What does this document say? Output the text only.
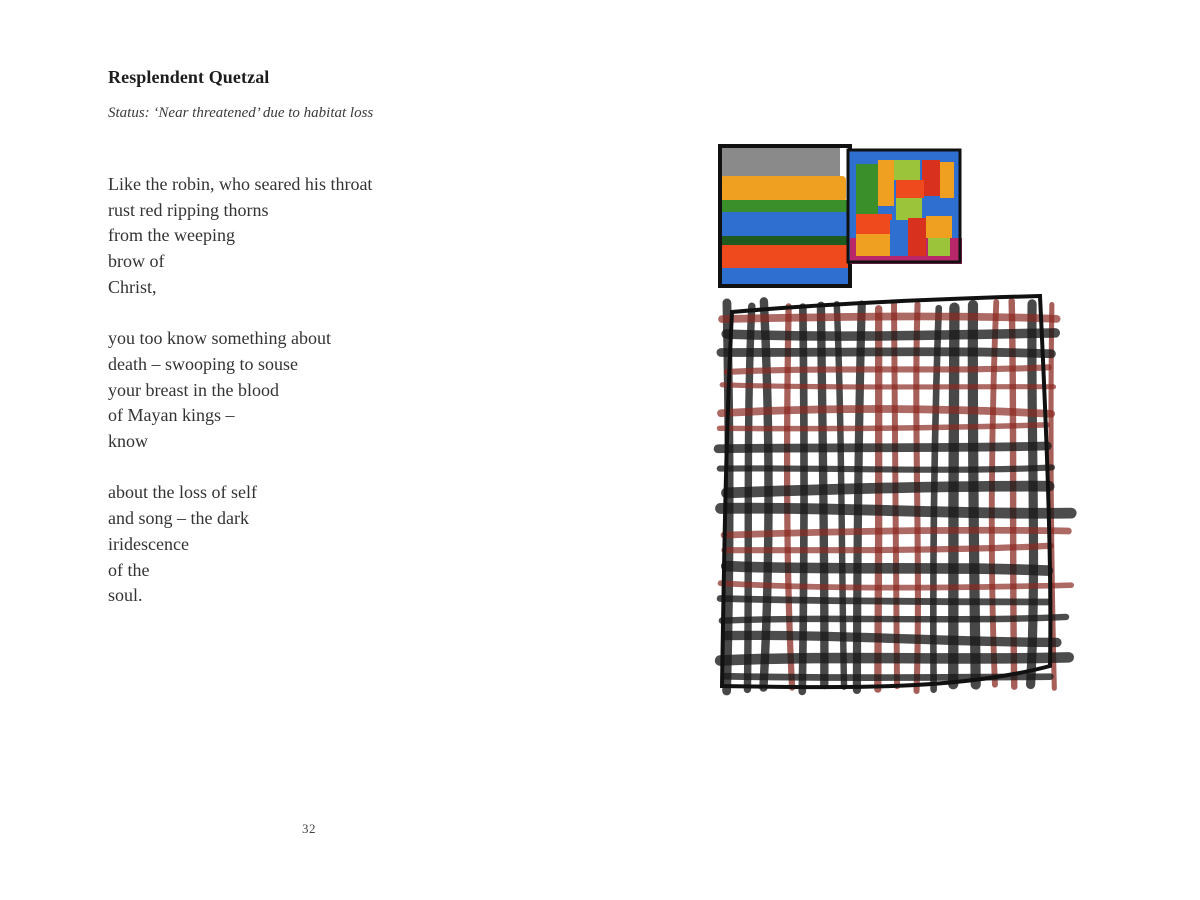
Resplendent Quetzal

Status: ‘Near threatened’ due to habitat loss

Like the robin, who seared his throat
rust red ripping thorns
from the weeping
brow of
Christ,
you too know something about
death – swooping to souse
your breast in the blood
of Mayan kings –
know
about the loss of self
and song – the dark
iridescence
of the
soul.
32
